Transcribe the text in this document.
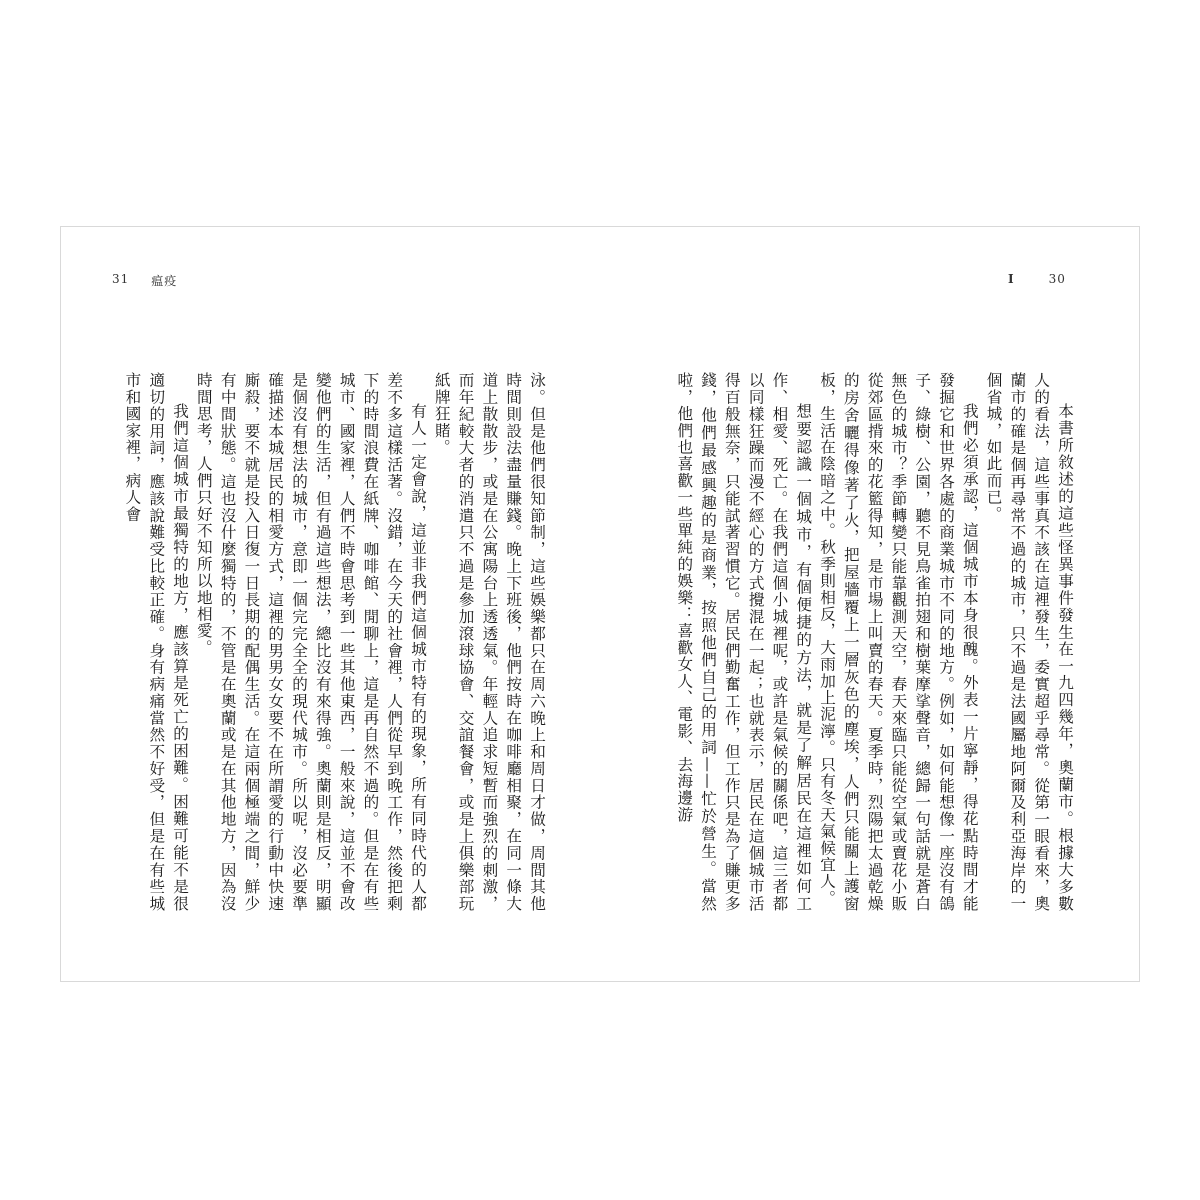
31 瘟疫	I	30

泳。但是他們很知節制，這些娛樂都只在周六晚上和周日才做，周間其他時間則設法盡量賺錢。晚上下班後，他們按時在咖啡廳相聚，在同一條大道上散散步，或是在公寓陽台上透透氣。年輕人追求短暫而強烈的刺激，而年紀較大者的消遣只不過是參加滾球協會、交誼餐會，或是上俱樂部玩紙牌狂賭。

有人一定會說，這並非我們這個城市特有的現象，所有同時代的人都差不多這樣活著。沒錯，在今天的社會裡，人們從早到晚工作，然後把剩下的時間浪費在紙牌、咖啡館、閒聊上，這是再自然不過的。但是在有些城市、國家裡，人們不時會思考到一些其他東西，一般來說，這並不會改變他們的生活，但有過這些想法，總比沒有來得強。奧蘭則是相反，明顯是個沒有想法的城市，意即一個完完全全的現代城市。所以呢，沒必要準確描述本城居民的相愛方式，這裡的男男女女要不在所謂愛的行動中快速廝殺，要不就是投入日復一日長期的配偶生活。在這兩個極端之間，鮮少有中間狀態。這也沒什麼獨特的，不管是在奧蘭或是在其他地方，因為沒時間思考，人們只好不知所以地相愛。

我們這個城市最獨特的地方，應該算是死亡的困難。困難可能不是很適切的用詞，應該說難受比較正確。身有病痛當然不好受，但是在有些城市和國家裡，病人會	本書所敘述的這些怪異事件發生在一九四幾年，奧蘭市。根據大多數人的看法，這些事真不該在這裡發生，委實超乎尋常。從第一眼看來，奧蘭市的確是個再尋常不過的城市，只不過是法國屬地阿爾及利亞海岸的一個省城，如此而已。

我們必須承認，這個城市本身很醜。外表一片寧靜，得花點時間才能發掘它和世界各處的商業城市不同的地方。例如，如何能想像一座沒有鴿子、綠樹、公園，聽不見鳥雀拍翅和樹葉摩挲聲音，總歸一句話就是蒼白無色的城市？季節轉變只能靠觀測天空，春天來臨只能從空氣或賣花小販從郊區揹來的花籃得知，是市場上叫賣的春天。夏季時，烈陽把太過乾燥的房舍曬得像著了火，把屋牆覆上一層灰色的塵埃，人們只能關上護窗板，生活在陰暗之中。秋季則相反，大雨加上泥濘。只有冬天氣候宜人。

想要認識一個城市，有個便捷的方法，就是了解居民在這裡如何工作、相愛、死亡。在我們這個小城裡呢，或許是氣候的關係吧，這三者都以同樣狂躁而漫不經心的方式攪混在一起；也就表示，居民在這個城市活得百般無奈，只能試著習慣它。居民們勤奮工作，但工作只是為了賺更多錢，他們最感興趣的是商業，按照他們自己的用詞——忙於營生。當然啦，他們也喜歡一些單純的娛樂：喜歡女人、電影、去海邊游
